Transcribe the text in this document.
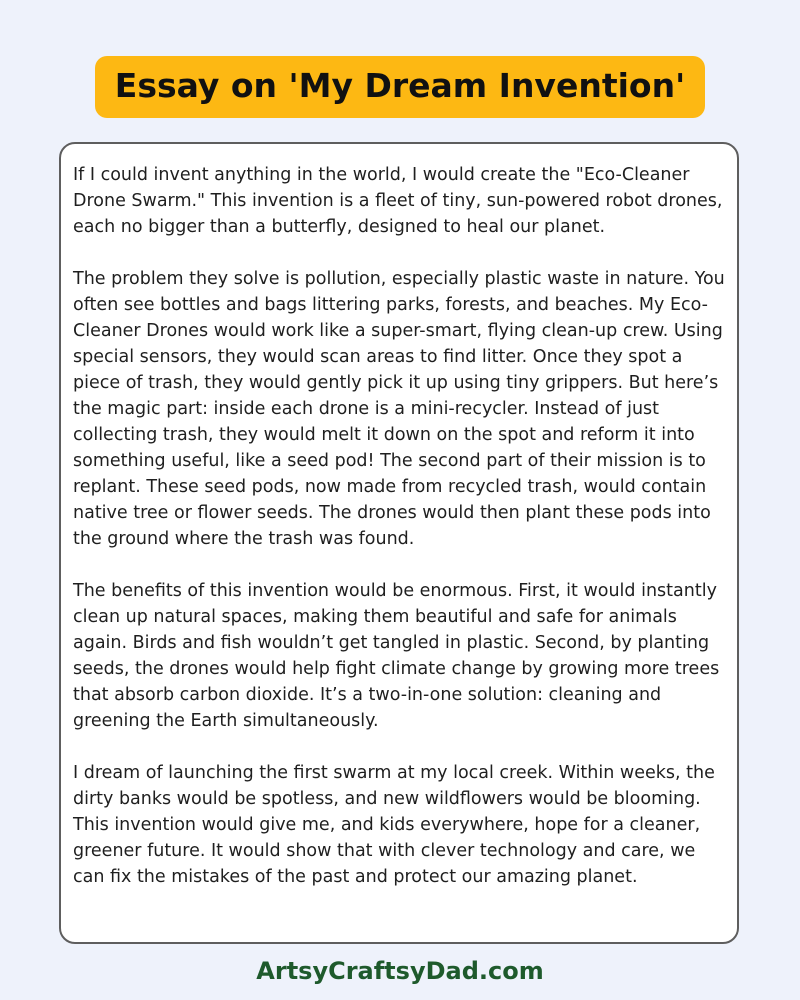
Essay on 'My Dream Invention'

If I could invent anything in the world, I would create the "Eco-Cleaner Drone Swarm." This invention is a fleet of tiny, sun-powered robot drones, each no bigger than a butterfly, designed to heal our planet.

The problem they solve is pollution, especially plastic waste in nature. You often see bottles and bags littering parks, forests, and beaches. My Eco-Cleaner Drones would work like a super-smart, flying clean-up crew. Using special sensors, they would scan areas to find litter. Once they spot a piece of trash, they would gently pick it up using tiny grippers. But here’s the magic part: inside each drone is a mini-recycler. Instead of just collecting trash, they would melt it down on the spot and reform it into something useful, like a seed pod! The second part of their mission is to replant. These seed pods, now made from recycled trash, would contain native tree or flower seeds. The drones would then plant these pods into the ground where the trash was found.

The benefits of this invention would be enormous. First, it would instantly clean up natural spaces, making them beautiful and safe for animals again. Birds and fish wouldn’t get tangled in plastic. Second, by planting seeds, the drones would help fight climate change by growing more trees that absorb carbon dioxide. It’s a two-in-one solution: cleaning and greening the Earth simultaneously.

I dream of launching the first swarm at my local creek. Within weeks, the dirty banks would be spotless, and new wildflowers would be blooming. This invention would give me, and kids everywhere, hope for a cleaner, greener future. It would show that with clever technology and care, we can fix the mistakes of the past and protect our amazing planet.

ArtsyCraftsyDad.com
